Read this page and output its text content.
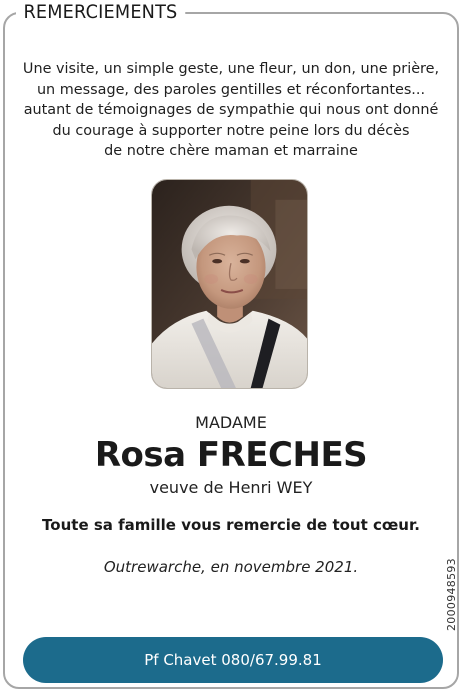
REMERCIEMENTS
Une visite, un simple geste, une fleur, un don, une prière,
un message, des paroles gentilles et réconfortantes...
autant de témoignages de sympathie qui nous ont donné
du courage à supporter notre peine lors du décès
de notre chère maman et marraine
MADAME
Rosa FRECHES
veuve de Henri WEY
Toute sa famille vous remercie de tout cœur.
Outrewarche, en novembre 2021.	2000948593
Pf Chavet 080/67.99.81
